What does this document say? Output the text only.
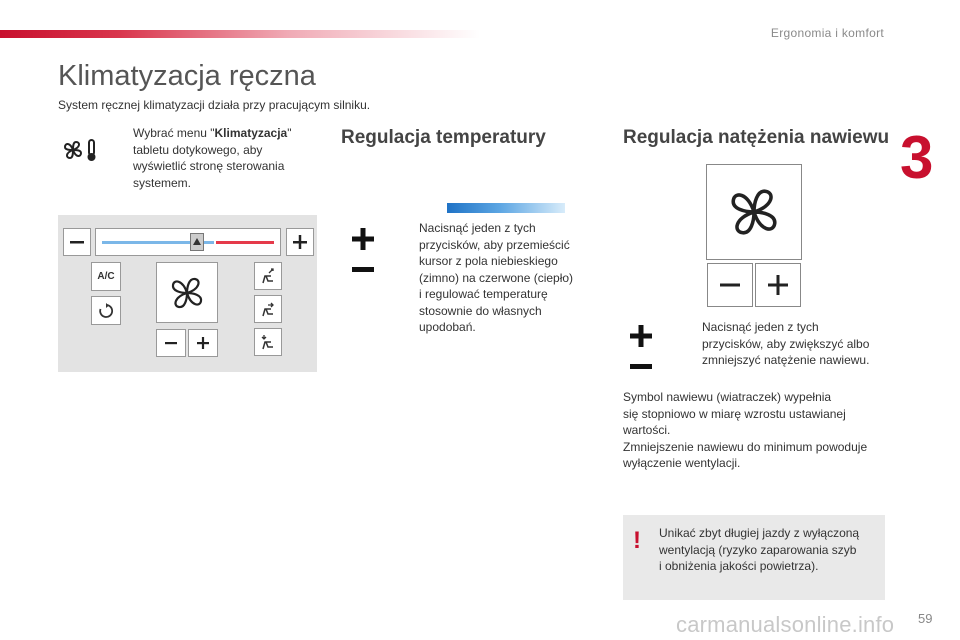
Ergonomia i komfort
3
Klimatyzacja ręczna
System ręcznej klimatyzacji działa przy pracującym silniku.
Wybrać menu "Klimatyzacja"
tabletu dotykowego, aby
wyświetlić stronę sterowania
systemem.
A/C
Regulacja temperatury
Nacisnąć jeden z tych
przycisków, aby przemieścić
kursor z pola niebieskiego
(zimno) na czerwone (ciepło)
i regulować temperaturę
stosownie do własnych
upodobań.
Regulacja natężenia nawiewu
Nacisnąć jeden z tych
przycisków, aby zwiększyć albo
zmniejszyć natężenie nawiewu.
Symbol nawiewu (wiatraczek) wypełnia
się stopniowo w miarę wzrostu ustawianej
wartości.
Zmniejszenie nawiewu do minimum powoduje
wyłączenie wentylacji.
! Unikać zbyt długiej jazdy z wyłączoną
wentylacją (ryzyko zaparowania szyb
i obniżenia jakości powietrza).
carmanualsonline.info 59
